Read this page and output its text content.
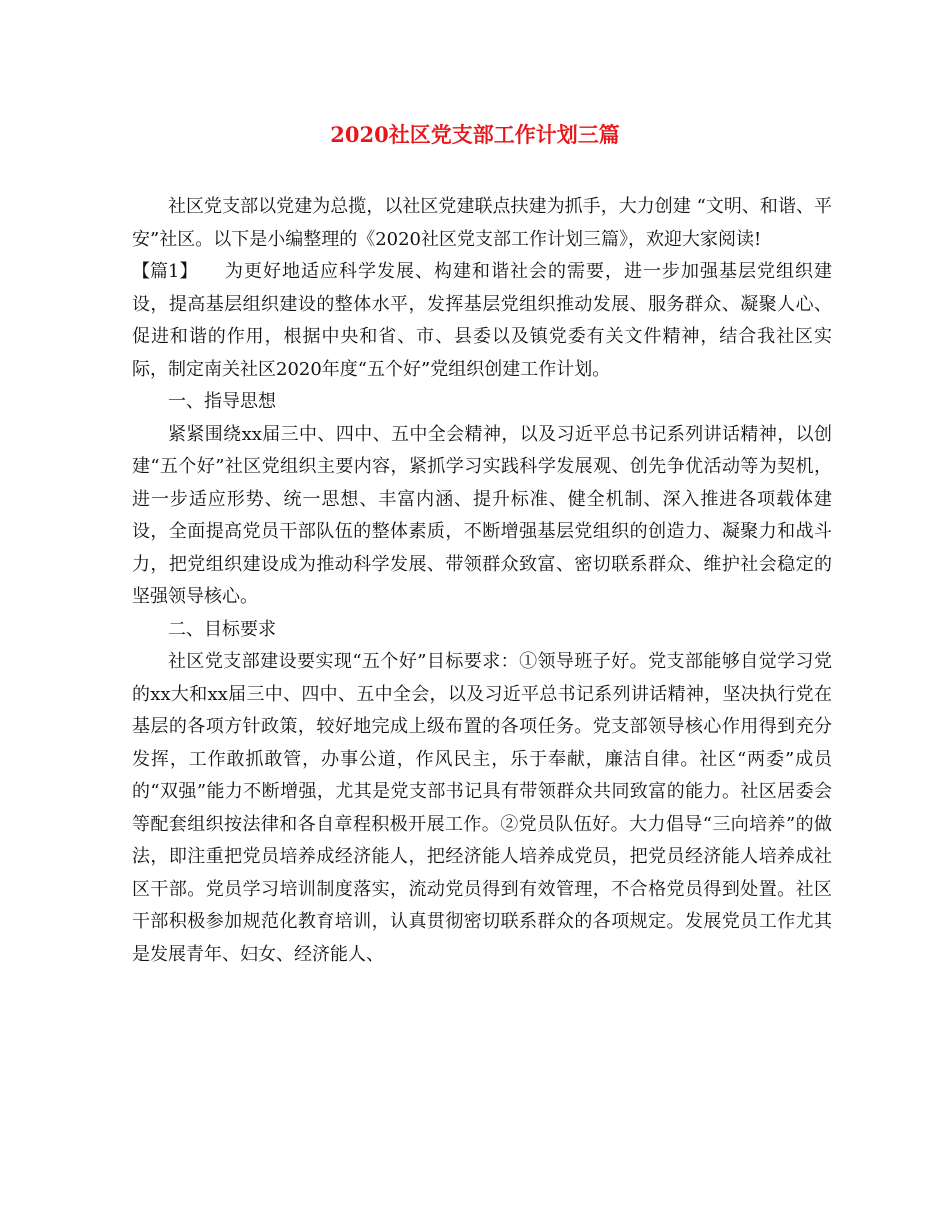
2020社区党支部工作计划三篇

社区党支部以党建为总揽，以社区党建联点扶建为抓手，大力创建 “文明、和谐、平安”社区。以下是小编整理的《2020社区党支部工作计划三篇》，欢迎大家阅读!

【篇1】 为更好地适应科学发展、构建和谐社会的需要，进一步加强基层党组织建设，提高基层组织建设的整体水平，发挥基层党组织推动发展、服务群众、凝聚人心、促进和谐的作用，根据中央和省、市、县委以及镇党委有关文件精神，结合我社区实际，制定南关社区2020年度“五个好”党组织创建工作计划。

一、指导思想

紧紧围绕xx届三中、四中、五中全会精神，以及习近平总书记系列讲话精神，以创建“五个好”社区党组织主要内容，紧抓学习实践科学发展观、创先争优活动等为契机，进一步适应形势、统一思想、丰富内涵、提升标准、健全机制、深入推进各项载体建设，全面提高党员干部队伍的整体素质，不断增强基层党组织的创造力、凝聚力和战斗力，把党组织建设成为推动科学发展、带领群众致富、密切联系群众、维护社会稳定的坚强领导核心。

二、目标要求

社区党支部建设要实现“五个好”目标要求：①领导班子好。党支部能够自觉学习党的xx大和xx届三中、四中、五中全会，以及习近平总书记系列讲话精神，坚决执行党在基层的各项方针政策，较好地完成上级布置的各项任务。党支部领导核心作用得到充分发挥，工作敢抓敢管，办事公道，作风民主，乐于奉献，廉洁自律。社区“两委”成员的“双强”能力不断增强，尤其是党支部书记具有带领群众共同致富的能力。社区居委会等配套组织按法律和各自章程积极开展工作。②党员队伍好。大力倡导“三向培养”的做法，即注重把党员培养成经济能人，把经济能人培养成党员，把党员经济能人培养成社区干部。党员学习培训制度落实，流动党员得到有效管理，不合格党员得到处置。社区干部积极参加规范化教育培训，认真贯彻密切联系群众的各项规定。发展党员工作尤其是发展青年、妇女、经济能人、
